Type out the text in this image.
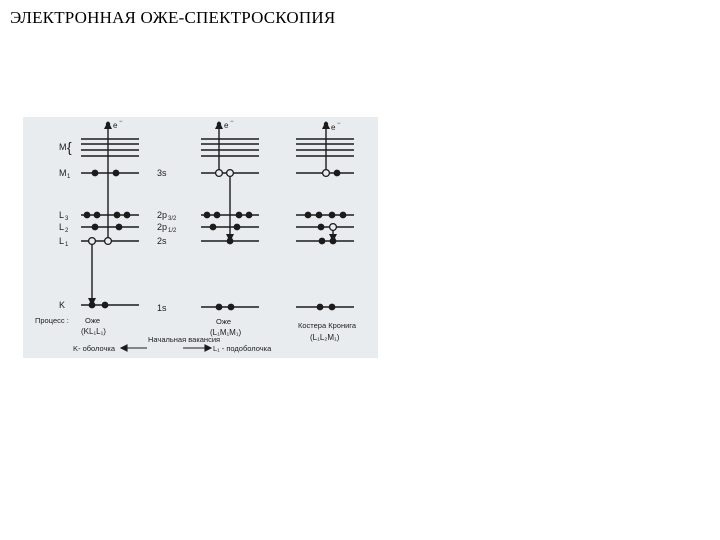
ЭЛЕКТРОННАЯ ОЖЕ-СПЕКТРОСКОПИЯ
M {
M 1
L 3
L 2
L 1
K
3s
2p 3/2
2p 1/2
2s
1s
e −	e −
e −
Процесс : Оже
(KL₁L₁)
Оже
(L₁M₁M₁)
Костера Кронига
(L₁L₂M₁)
Начальная вакансия
K- оболочка	L₁ - подоболочка
